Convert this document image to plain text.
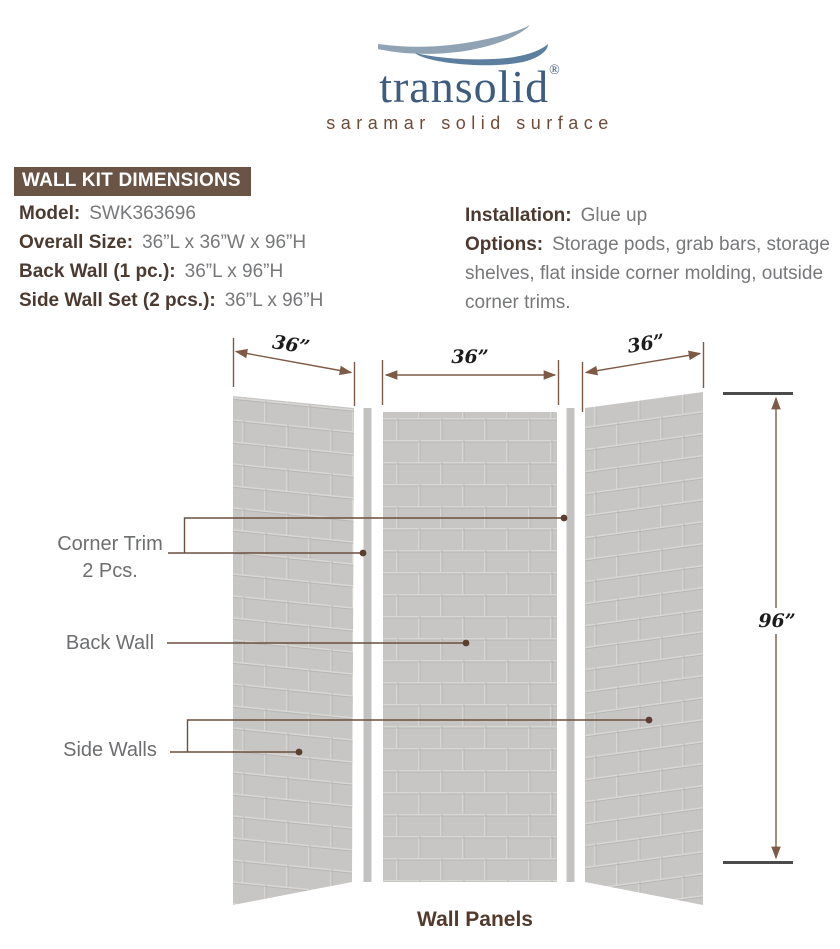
transolid®
saramar solid surface
WALL KIT DIMENSIONS
Model: SWK363696
Overall Size: 36”L x 36”W x 96”H
Back Wall (1 pc.): 36”L x 96”H
Side Wall Set (2 pcs.): 36”L x 96”H
Installation: Glue up

Options: Storage pods, grab bars, storage shelves, flat inside corner molding, outside corner trims.

36”	36”	36”
96”
Corner Trim
2 Pcs.
Back Wall
Side Walls
Wall Panels
